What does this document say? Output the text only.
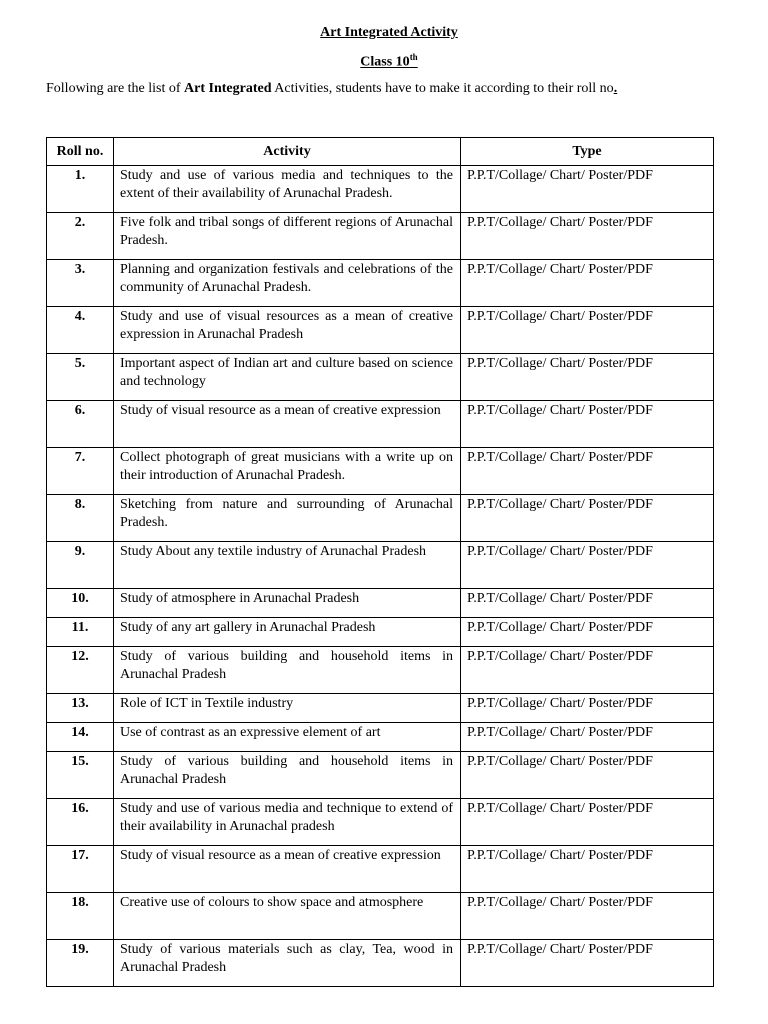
Art Integrated Activity
Class 10th
Following are the list of Art Integrated Activities, students have to make it according to their roll no.
Roll no.	Activity	Type
1.	Study and use of various media and techniques to the extent of their availability of Arunachal Pradesh.	P.P.T/Collage/ Chart/ Poster/PDF
2.	Five folk and tribal songs of different regions of Arunachal Pradesh.	P.P.T/Collage/ Chart/ Poster/PDF
3.	Planning and organization festivals and celebrations of the community of Arunachal Pradesh.	P.P.T/Collage/ Chart/ Poster/PDF
4.	Study and use of visual resources as a mean of creative expression in Arunachal Pradesh	P.P.T/Collage/ Chart/ Poster/PDF
5.	Important aspect of Indian art and culture based on science and technology	P.P.T/Collage/ Chart/ Poster/PDF
6.	Study of visual resource as a mean of creative expression	P.P.T/Collage/ Chart/ Poster/PDF
7.	Collect photograph of great musicians with a write up on their introduction of Arunachal Pradesh.	P.P.T/Collage/ Chart/ Poster/PDF
8.	Sketching from nature and surrounding of Arunachal Pradesh.	P.P.T/Collage/ Chart/ Poster/PDF
9.	Study About any textile industry of Arunachal Pradesh	P.P.T/Collage/ Chart/ Poster/PDF
10.	Study of atmosphere in Arunachal Pradesh	P.P.T/Collage/ Chart/ Poster/PDF
11.	Study of any art gallery in Arunachal Pradesh	P.P.T/Collage/ Chart/ Poster/PDF
12.	Study of various building and household items in Arunachal Pradesh	P.P.T/Collage/ Chart/ Poster/PDF
13.	Role of ICT in Textile industry	P.P.T/Collage/ Chart/ Poster/PDF
14.	Use of contrast as an expressive element of art	P.P.T/Collage/ Chart/ Poster/PDF
15.	Study of various building and household items in Arunachal Pradesh	P.P.T/Collage/ Chart/ Poster/PDF
16.	Study and use of various media and technique to extend of their availability in Arunachal pradesh	P.P.T/Collage/ Chart/ Poster/PDF
17.	Study of visual resource as a mean of creative expression	P.P.T/Collage/ Chart/ Poster/PDF
18.	Creative use of colours to show space and atmosphere	P.P.T/Collage/ Chart/ Poster/PDF
19.	Study of various materials such as clay, Tea, wood in Arunachal Pradesh	P.P.T/Collage/ Chart/ Poster/PDF
